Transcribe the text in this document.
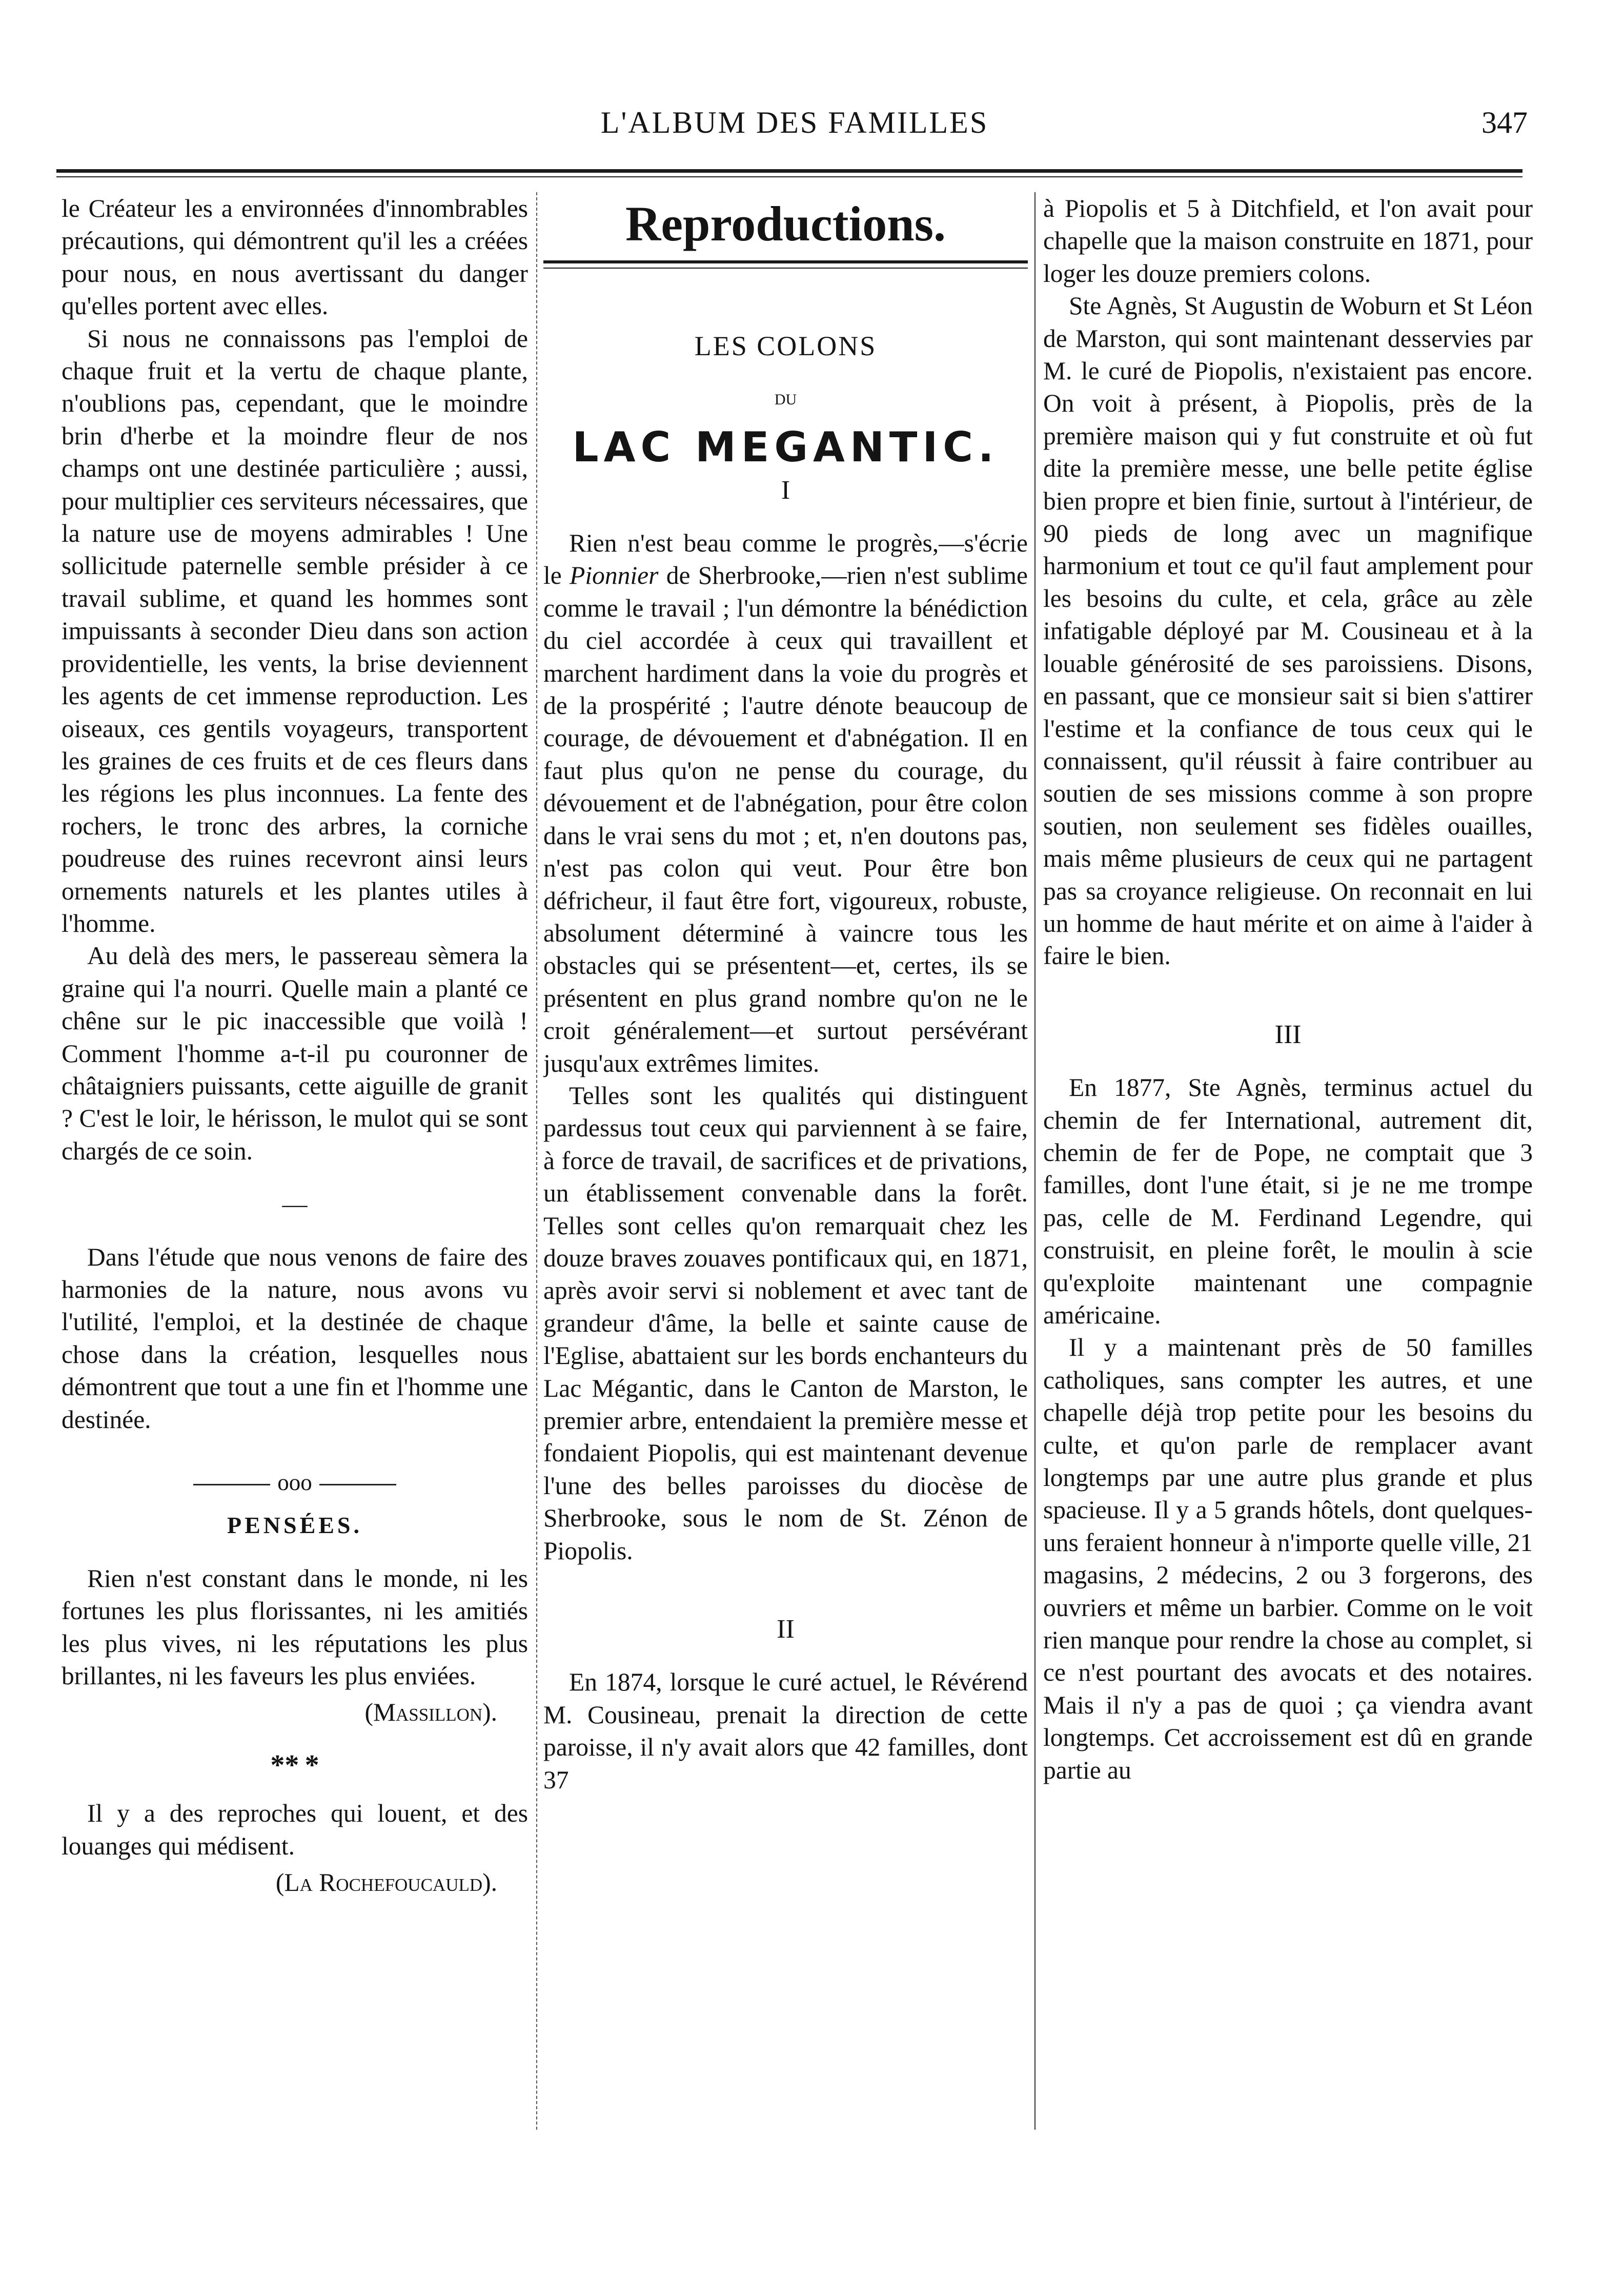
L'ALBUM DES FAMILLES	347

le Créateur les a environnées d'innombrables précautions, qui démontrent qu'il les a créées pour nous, en nous avertissant du danger qu'elles portent avec elles.

Si nous ne connaissons pas l'emploi de chaque fruit et la vertu de chaque plante, n'oublions pas, cependant, que le moindre brin d'herbe et la moindre fleur de nos champs ont une destinée particulière ; aussi, pour multiplier ces serviteurs nécessaires, que la nature use de moyens admirables ! Une sollicitude paternelle semble présider à ce travail sublime, et quand les hommes sont impuissants à seconder Dieu dans son action providentielle, les vents, la brise deviennent les agents de cet immense reproduction. Les oiseaux, ces gentils voyageurs, transportent les graines de ces fruits et de ces fleurs dans les régions les plus inconnues. La fente des rochers, le tronc des arbres, la corniche poudreuse des ruines recevront ainsi leurs ornements naturels et les plantes utiles à l'homme.

Au delà des mers, le passereau sèmera la graine qui l'a nourri. Quelle main a planté ce chêne sur le pic inaccessible que voilà ! Comment l'homme a-t-il pu couronner de châtaigniers puissants, cette aiguille de granit ? C'est le loir, le hérisson, le mulot qui se sont chargés de ce soin.

—

Dans l'étude que nous venons de faire des harmonies de la nature, nous avons vu l'utilité, l'emploi, et la destinée de chaque chose dans la création, lesquelles nous démontrent que tout a une fin et l'homme une destinée.

ooo
PENSÉES.

Rien n'est constant dans le monde, ni les fortunes les plus florissantes, ni les amitiés les plus vives, ni les réputations les plus brillantes, ni les faveurs les plus enviées.

(Massillon).
** *

Il y a des reproches qui louent, et des louanges qui médisent.

(La Rochefoucauld).
Reproductions.
LES COLONS
DU
LAC MEGANTIC.
I

Rien n'est beau comme le progrès,—s'écrie le Pionnier de Sherbrooke,—rien n'est sublime comme le travail ; l'un démontre la bénédiction du ciel accordée à ceux qui travaillent et marchent hardiment dans la voie du progrès et de la prospérité ; l'autre dénote beaucoup de courage, de dévouement et d'abnégation. Il en faut plus qu'on ne pense du courage, du dévouement et de l'abnégation, pour être colon dans le vrai sens du mot ; et, n'en doutons pas, n'est pas colon qui veut. Pour être bon défricheur, il faut être fort, vigoureux, robuste, absolument déterminé à vaincre tous les obstacles qui se présentent—et, certes, ils se présentent en plus grand nombre qu'on ne le croit généralement—et surtout persévérant jusqu'aux extrêmes limites.

Telles sont les qualités qui distinguent pardessus tout ceux qui parviennent à se faire, à force de travail, de sacrifices et de privations, un établissement convenable dans la forêt. Telles sont celles qu'on remarquait chez les douze braves zouaves pontificaux qui, en 1871, après avoir servi si noblement et avec tant de grandeur d'âme, la belle et sainte cause de l'Eglise, abattaient sur les bords enchanteurs du Lac Mégantic, dans le Canton de Marston, le premier arbre, entendaient la première messe et fondaient Piopolis, qui est maintenant devenue l'une des belles paroisses du diocèse de Sherbrooke, sous le nom de St. Zénon de Piopolis.

II

En 1874, lorsque le curé actuel, le Révérend M. Cousineau, prenait la direction de cette paroisse, il n'y avait alors que 42 familles, dont 37

à Piopolis et 5 à Ditchfield, et l'on avait pour chapelle que la maison construite en 1871, pour loger les douze premiers colons.

Ste Agnès, St Augustin de Woburn et St Léon de Marston, qui sont maintenant desservies par M. le curé de Piopolis, n'existaient pas encore. On voit à présent, à Piopolis, près de la première maison qui y fut construite et où fut dite la première messe, une belle petite église bien propre et bien finie, surtout à l'intérieur, de 90 pieds de long avec un magnifique harmonium et tout ce qu'il faut amplement pour les besoins du culte, et cela, grâce au zèle infatigable déployé par M. Cousineau et à la louable générosité de ses paroissiens. Disons, en passant, que ce monsieur sait si bien s'attirer l'estime et la confiance de tous ceux qui le connaissent, qu'il réussit à faire contribuer au soutien de ses missions comme à son propre soutien, non seulement ses fidèles ouailles, mais même plusieurs de ceux qui ne partagent pas sa croyance religieuse. On reconnait en lui un homme de haut mérite et on aime à l'aider à faire le bien.

III

En 1877, Ste Agnès, terminus actuel du chemin de fer International, autrement dit, chemin de fer de Pope, ne comptait que 3 familles, dont l'une était, si je ne me trompe pas, celle de M. Ferdinand Legendre, qui construisit, en pleine forêt, le moulin à scie qu'exploite maintenant une compagnie américaine.

Il y a maintenant près de 50 familles catholiques, sans compter les autres, et une chapelle déjà trop petite pour les besoins du culte, et qu'on parle de remplacer avant longtemps par une autre plus grande et plus spacieuse. Il y a 5 grands hôtels, dont quelques-uns feraient honneur à n'importe quelle ville, 21 magasins, 2 médecins, 2 ou 3 forgerons, des ouvriers et même un barbier. Comme on le voit rien manque pour rendre la chose au complet, si ce n'est pourtant des avocats et des notaires. Mais il n'y a pas de quoi ; ça viendra avant longtemps. Cet accroissement est dû en grande partie au
